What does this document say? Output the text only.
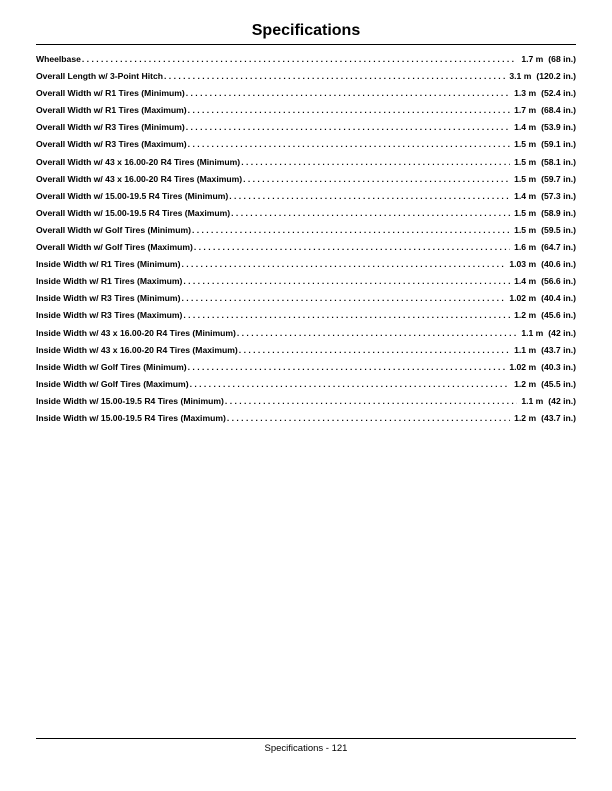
Specifications
Wheelbase . . .	1.7 m (68 in.)
Overall Length w/ 3-Point Hitch . . .	3.1 m (120.2 in.)
Overall Width w/ R1 Tires (Minimum) . . .	1.3 m (52.4 in.)
Overall Width w/ R1 Tires (Maximum) . . .	1.7 m (68.4 in.)
Overall Width w/ R3 Tires (Minimum) . . .	1.4 m (53.9 in.)
Overall Width w/ R3 Tires (Maximum) . . .	1.5 m (59.1 in.)
Overall Width w/ 43 x 16.00-20 R4 Tires (Minimum) . . .	1.5 m (58.1 in.)
Overall Width w/ 43 x 16.00-20 R4 Tires (Maximum) . . .	1.5 m (59.7 in.)
Overall Width w/ 15.00-19.5 R4 Tires (Minimum) . . .	1.4 m (57.3 in.)
Overall Width w/ 15.00-19.5 R4 Tires (Maximum) . . .	1.5 m (58.9 in.)
Overall Width w/ Golf Tires (Minimum) . . .	1.5 m (59.5 in.)
Overall Width w/ Golf Tires (Maximum) . . .	1.6 m (64.7 in.)
Inside Width w/ R1 Tires (Minimum) . . .	1.03 m (40.6 in.)
Inside Width w/ R1 Tires (Maximum) . . .	1.4 m (56.6 in.)
Inside Width w/ R3 Tires (Minimum) . . .	1.02 m (40.4 in.)
Inside Width w/ R3 Tires (Maximum) . . .	1.2 m (45.6 in.)
Inside Width w/ 43 x 16.00-20 R4 Tires (Minimum) . . .	1.1 m (42 in.)
Inside Width w/ 43 x 16.00-20 R4 Tires (Maximum) . . .	1.1 m (43.7 in.)
Inside Width w/ Golf Tires (Minimum) . . .	1.02 m (40.3 in.)
Inside Width w/ Golf Tires (Maximum) . . .	1.2 m (45.5 in.)
Inside Width w/ 15.00-19.5 R4 Tires (Minimum) . . .	1.1 m (42 in.)
Inside Width w/ 15.00-19.5 R4 Tires (Maximum) . . .	1.2 m (43.7 in.)
Specifications - 121
